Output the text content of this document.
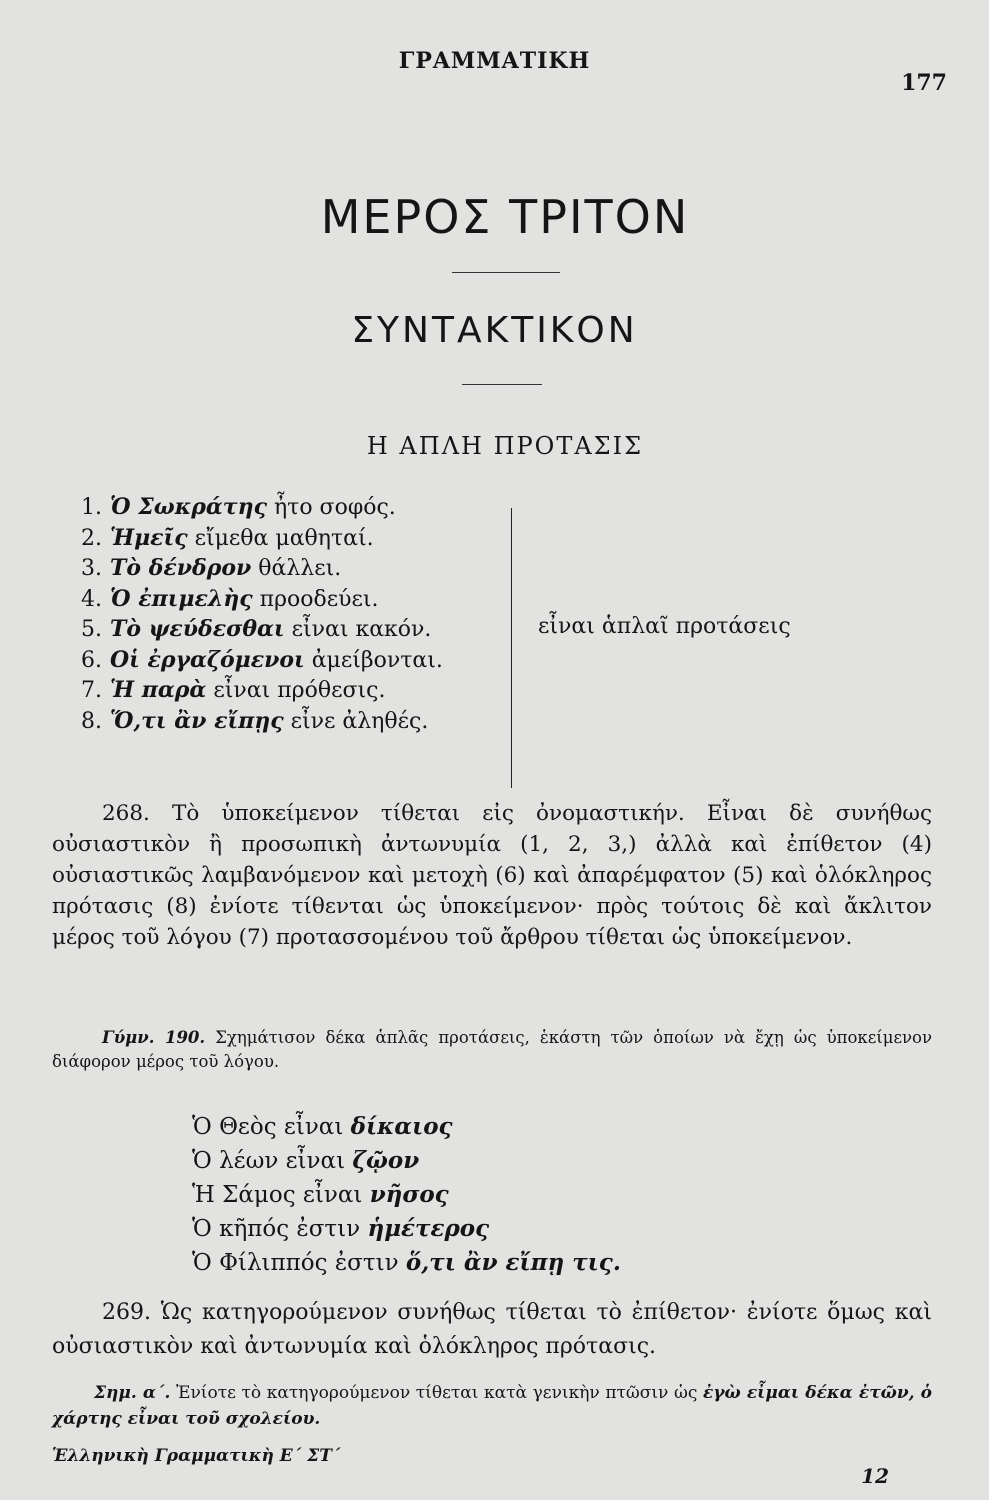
ΓΡΑΜΜΑΤΙΚΗ
177
ΜΕΡΟΣ ΤΡΙΤΟΝ
ΣΥΝΤΑΚΤΙΚΟΝ
Η ΑΠΛΗ ΠΡΟΤΑΣΙΣ
1. Ὁ Σωκράτης ἦτο σοφός.
2. Ἡμεῖς εἴμεθα μαθηταί.
3. Τὸ δένδρον θάλλει.
4. Ὁ ἐπιμελὴς προοδεύει.
5. Τὸ ψεύδεσθαι εἶναι κακόν.
6. Οἱ ἐργαζόμενοι ἀμείβονται.
7. Ἡ παρὰ εἶναι πρόθεσις.
8. Ὅ,τι ἂν εἴπῃς εἶνε ἀληθές.
εἶναι ἁπλαῖ προτάσεις
268. Τὸ ὑποκείμενον τίθεται εἰς ὀνομαστικήν. Εἶναι δὲ συνήθως οὐσιαστικὸν ἢ προσωπικὴ ἀντωνυμία (1, 2, 3,) ἀλλὰ καὶ ἐπίθετον (4) οὐσιαστικῶς λαμβανόμενον καὶ μετοχὴ (6) καὶ ἀπαρέμφατον (5) καὶ ὁλόκληρος πρότασις (8) ἐνίοτε τίθενται ὡς ὑποκείμενον· πρὸς τούτοις δὲ καὶ ἄκλιτον μέρος τοῦ λόγου (7) προτασσομένου τοῦ ἄρθρου τίθεται ὡς ὑποκείμενον.
Γύμν. 190. Σχημάτισον δέκα ἁπλᾶς προτάσεις, ἑκάστη τῶν ὁποίων νὰ ἔχῃ ὡς ὑποκείμενον διάφορον μέρος τοῦ λόγου.
Ὁ Θεὸς εἶναι δίκαιος
Ὁ λέων εἶναι ζῷον
Ἡ Σάμος εἶναι νῆσος
Ὁ κῆπός ἐστιν ἡμέτερος
Ὁ Φίλιππός ἐστιν ὅ,τι ἂν εἴπῃ τις.
269. Ὡς κατηγορούμενον συνήθως τίθεται τὸ ἐπίθετον· ἐνίοτε ὅμως καὶ οὐσιαστικὸν καὶ ἀντωνυμία καὶ ὁλόκληρος πρότασις.
Σημ. α΄. Ἐνίοτε τὸ κατηγορούμενον τίθεται κατὰ γενικὴν πτῶσιν ὡς ἐγὼ εἶμαι δέκα ἐτῶν, ὁ χάρτης εἶναι τοῦ σχολείου.
Ἑλληνικὴ Γραμματικὴ Ε΄ ΣΤ΄
12
